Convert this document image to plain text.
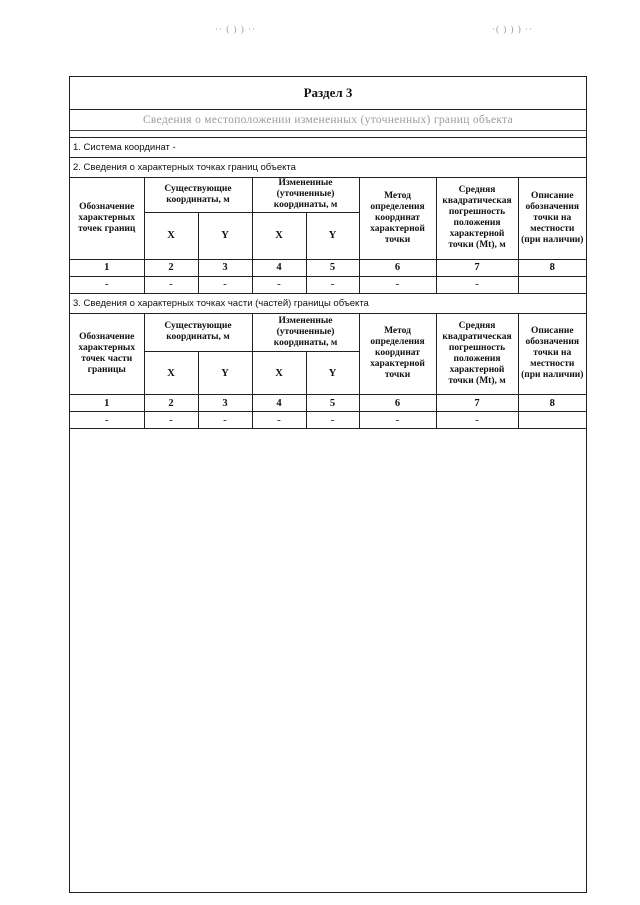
·· ( ) ) ··	·( ) ) ) ··
Раздел 3
Сведения о местоположении измененных (уточненных) границ объекта
1. Система координат -
2. Сведения о характерных точках границ объекта
Обозначение характерных точек границ	Существующие координаты, м		Измененные (уточненные) координаты, м		Метод определения координат характерной точки	Средняя квадратическая погрешность положения характерной точки (Mt), м	Описание обозначения точки на местности (при наличии)
	X	Y	X	Y			
1	2	3	4	5	6	7	8
-	-	-	-	-	-	-	
3. Сведения о характерных точках части (частей) границы объекта
Обозначение характерных точек части границы	Существующие координаты, м		Измененные (уточненные) координаты, м		Метод определения координат характерной точки	Средняя квадратическая погрешность положения характерной точки (Mt), м	Описание обозначения точки на местности (при наличии)
	X	Y	X	Y			
1	2	3	4	5	6	7	8
-	-	-	-	-	-	-	
